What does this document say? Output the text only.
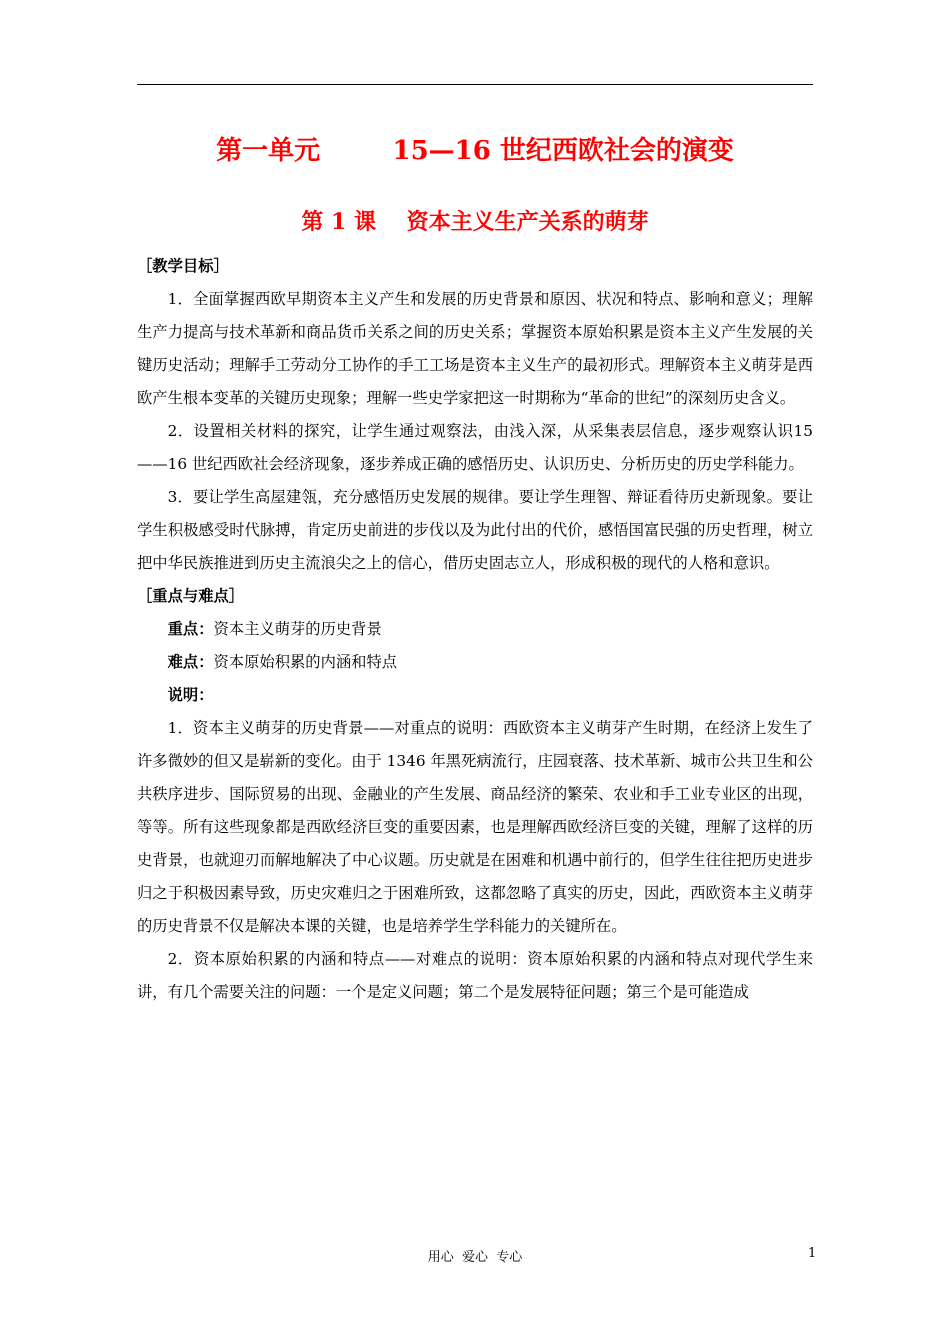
第一单元        15—16 世纪西欧社会的演变
第 1 课    资本主义生产关系的萌芽

［教学目标］

1．全面掌握西欧早期资本主义产生和发展的历史背景和原因、状况和特点、影响和意义；理解生产力提高与技术革新和商品货币关系之间的历史关系；掌握资本原始积累是资本主义产生发展的关键历史活动；理解手工劳动分工协作的手工工场是资本主义生产的最初形式。理解资本主义萌芽是西欧产生根本变革的关键历史现象；理解一些史学家把这一时期称为“革命的世纪”的深刻历史含义。

2．设置相关材料的探究，让学生通过观察法，由浅入深，从采集表层信息，逐步观察认识15——16 世纪西欧社会经济现象，逐步养成正确的感悟历史、认识历史、分析历史的历史学科能力。

3．要让学生高屋建瓴，充分感悟历史发展的规律。要让学生理智、辩证看待历史新现象。要让学生积极感受时代脉搏，肯定历史前进的步伐以及为此付出的代价，感悟国富民强的历史哲理，树立把中华民族推进到历史主流浪尖之上的信心，借历史固志立人，形成积极的现代的人格和意识。

［重点与难点］

重点：资本主义萌芽的历史背景

难点：资本原始积累的内涵和特点

说明：

1．资本主义萌芽的历史背景——对重点的说明：西欧资本主义萌芽产生时期，在经济上发生了许多微妙的但又是崭新的变化。由于 1346 年黑死病流行，庄园衰落、技术革新、城市公共卫生和公共秩序进步、国际贸易的出现、金融业的产生发展、商品经济的繁荣、农业和手工业专业区的出现，等等。所有这些现象都是西欧经济巨变的重要因素，也是理解西欧经济巨变的关键，理解了这样的历史背景，也就迎刃而解地解决了中心议题。历史就是在困难和机遇中前行的，但学生往往把历史进步归之于积极因素导致，历史灾难归之于困难所致，这都忽略了真实的历史，因此，西欧资本主义萌芽的历史背景不仅是解决本课的关键，也是培养学生学科能力的关键所在。

2．资本原始积累的内涵和特点——对难点的说明：资本原始积累的内涵和特点对现代学生来讲，有几个需要关注的问题：一个是定义问题；第二个是发展特征问题；第三个是可能造成

用心  爱心  专心	1
